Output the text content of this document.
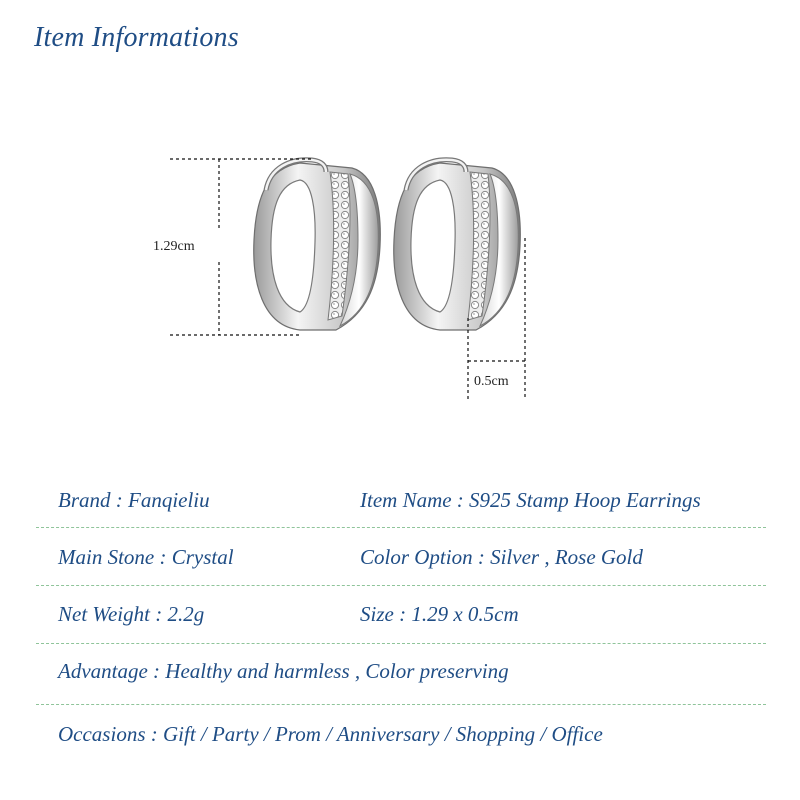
Item Informations
1.29cm
0.5cm
Brand : Fanqieliu	Item Name : S925 Stamp Hoop Earrings
Main Stone : Crystal	Color Option : Silver , Rose Gold
Net Weight : 2.2g	Size : 1.29 x 0.5cm
Advantage : Healthy and harmless , Color preserving
Occasions : Gift / Party / Prom / Anniversary / Shopping / Office
